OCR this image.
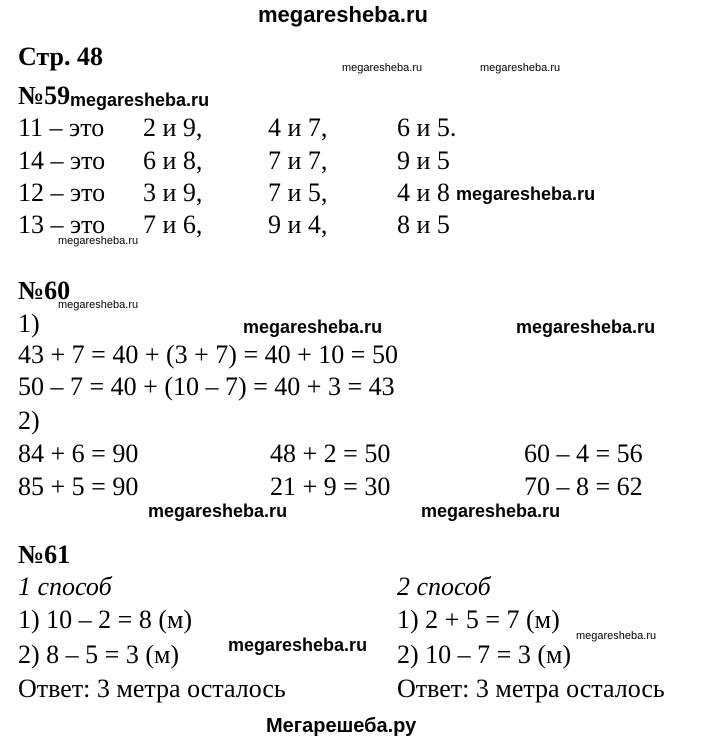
megaresheba.ru
Стр. 48	megaresheba.ru	megaresheba.ru
№59 megaresheba.ru
11 – это 2 и 9,	4 и 7,	6 и 5.
14 – это 6 и 8,	7 и 7,	9 и 5
12 – это 3 и 9,	7 и 5,	4 и 8
13 – это 7 и 6,	9 и 4,	8 и 5
megaresheba.ru
megaresheba.ru
№60
megaresheba.ru
1)	megaresheba.ru	megaresheba.ru
43 + 7 = 40 + (3 + 7) = 40 + 10 = 50
50 – 7 = 40 + (10 – 7) = 40 + 3 = 43
2)
84 + 6 = 90	48 + 2 = 50	60 – 4 = 56
85 + 5 = 90	21 + 9 = 30	70 – 8 = 62
megaresheba.ru	megaresheba.ru
№61
1 способ	2 способ
1) 10 – 2 = 8 (м)	1) 2 + 5 = 7 (м)
2) 8 – 5 = 3 (м)	2) 10 – 7 = 3 (м)
megaresheba.ru	megaresheba.ru
Ответ: 3 метра осталось	Ответ: 3 метра осталось
Мегарешеба.ру
